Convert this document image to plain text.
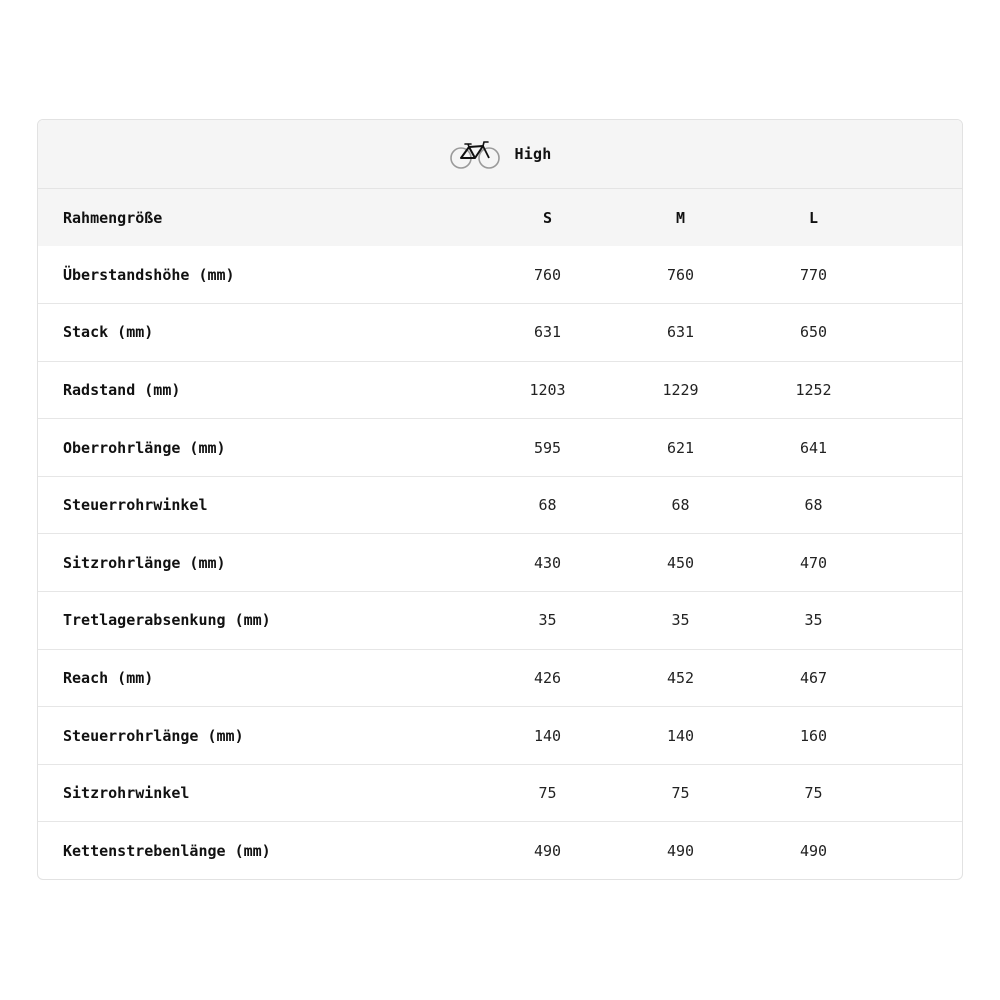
High
Rahmengröße	S	M	L	
Überstandshöhe (mm)	760	760	770	
Stack (mm)	631	631	650	
Radstand (mm)	1203	1229	1252	
Oberrohrlänge (mm)	595	621	641	
Steuerrohrwinkel	68	68	68	
Sitzrohrlänge (mm)	430	450	470	
Tretlagerabsenkung (mm)	35	35	35	
Reach (mm)	426	452	467	
Steuerrohrlänge (mm)	140	140	160	
Sitzrohrwinkel	75	75	75	
Kettenstrebenlänge (mm)	490	490	490	
